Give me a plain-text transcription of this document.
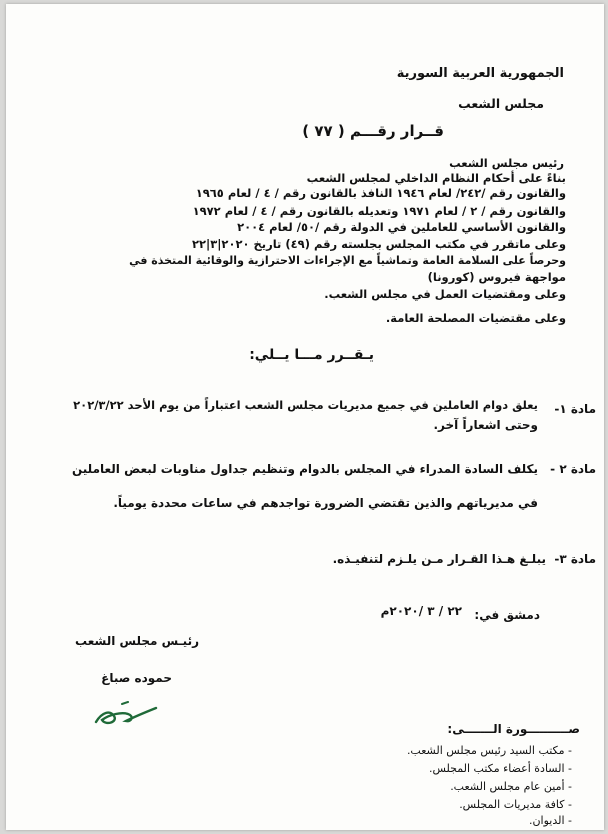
الجمهورية العربية السورية
مجلس الشعب
قــرار رقـــم ( ٧٧ )
رئيس مجلس الشعب
بناءً على أحكام النظام الداخلي لمجلس الشعب
والقانون رقم /٢٤٢/ لعام ١٩٤٦ النافذ بالقانون رقم / ٤ / لعام ١٩٦٥
والقانون رقم / ٢ / لعام ١٩٧١ وتعديله بالقانون رقم / ٤ / لعام ١٩٧٢
والقانون الأساسي للعاملين في الدولة رقم /٥٠/ لعام ٢٠٠٤
وعلى ماتقرر في مكتب المجلس بجلسته رقم (٤٩) تاريخ ٢٠٢٠|٣|٢٢
وحرصاً على السلامة العامة وتماشياً مع الإجراءات الاحترازية والوقائية المتخذة في
مواجهة فيروس (كورونا)
وعلى ومقتضيات العمل في مجلس الشعب.
وعلى مقتضيات المصلحة العامة.
يـقــرر مـــا يــلي:
مادة ١-
يعلق دوام العاملين في جميع مديريات مجلس الشعب اعتباراً من يوم الأحد ٢٠٢/٣/٢٢
وحتى اشعاراً آخر.
مادة ٢ -
يكلف السادة المدراء في المجلس بالدوام وتنظيم جداول مناوبات لبعض العاملين
في مديرياتهم والذين تقتضي الضرورة تواجدهم في ساعات محددة يومياً.
مادة ٣-
يبلـغ هـذا القـرار مـن يلـزم لتنفيـذه.
دمشق في:
٢٢ / ٣ /٢٠٢٠م
رئيـس مجلس الشعب
حموده صباغ
صــــــــــورة الـــــــى:
- مكتب السيد رئيس مجلس الشعب.
- السادة أعضاء مكتب المجلس.
- أمين عام مجلس الشعب.
- كافة مديريات المجلس.
- الديوان.
